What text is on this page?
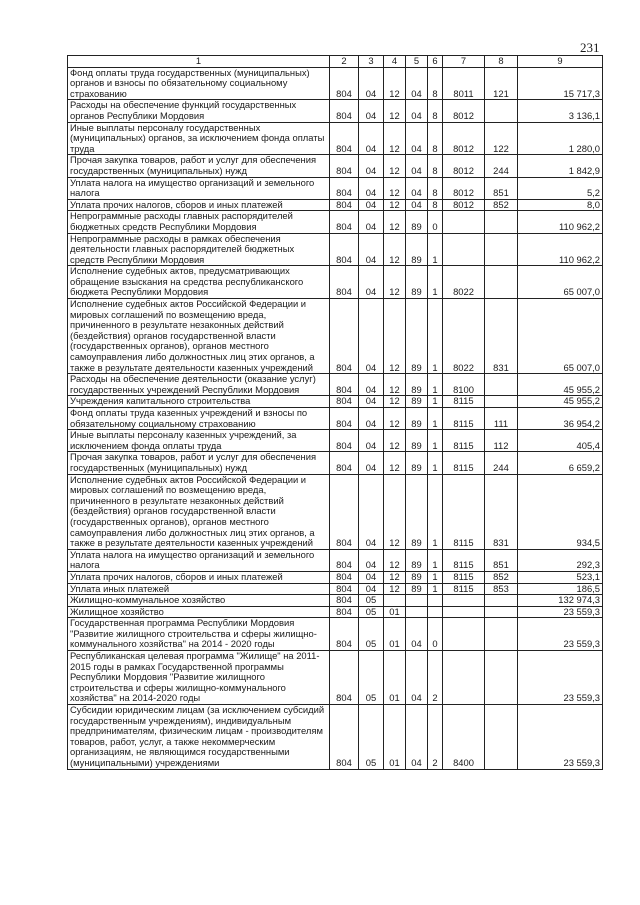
231
1	2	3	4	5	6	7	8	9
Фонд оплаты труда государственных (муниципальных) органов и взносы по обязательному социальному страхованию	804	04	12	04	8	8011	121	15 717,3
Расходы на обеспечение функций государственных органов Республики Мордовия	804	04	12	04	8	8012		3 136,1
Иные выплаты персоналу государственных (муниципальных) органов, за исключением фонда оплаты труда	804	04	12	04	8	8012	122	1 280,0
Прочая закупка товаров, работ и услуг для обеспечения государственных (муниципальных) нужд	804	04	12	04	8	8012	244	1 842,9
Уплата налога на имущество организаций и земельного налога	804	04	12	04	8	8012	851	5,2
Уплата прочих налогов, сборов и иных платежей	804	04	12	04	8	8012	852	8,0
Непрограммные расходы главных распорядителей бюджетных средств Республики Мордовия	804	04	12	89	0			110 962,2
Непрограммные расходы в рамках обеспечения деятельности главных распорядителей бюджетных средств Республики Мордовия	804	04	12	89	1			110 962,2
Исполнение судебных актов, предусматривающих обращение взыскания на средства республиканского бюджета Республики Мордовия	804	04	12	89	1	8022		65 007,0
Исполнение судебных актов Российской Федерации и мировых соглашений по возмещению вреда, причиненного в результате незаконных действий (бездействия) органов государственной власти (государственных органов), органов местного самоуправления либо должностных лиц этих органов, а также в результате деятельности казенных учреждений	804	04	12	89	1	8022	831	65 007,0
Расходы на обеспечение деятельности (оказание услуг) государственных учреждений Республики Мордовия	804	04	12	89	1	8100		45 955,2
Учреждения капитального строительства	804	04	12	89	1	8115		45 955,2
Фонд оплаты труда казенных учреждений и взносы по обязательному социальному страхованию	804	04	12	89	1	8115	111	36 954,2
Иные выплаты персоналу казенных учреждений, за исключением фонда оплаты труда	804	04	12	89	1	8115	112	405,4
Прочая закупка товаров, работ и услуг для обеспечения государственных (муниципальных) нужд	804	04	12	89	1	8115	244	6 659,2
Исполнение судебных актов Российской Федерации и мировых соглашений по возмещению вреда, причиненного в результате незаконных действий (бездействия) органов государственной власти (государственных органов), органов местного самоуправления либо должностных лиц этих органов, а также в результате деятельности казенных учреждений	804	04	12	89	1	8115	831	934,5
Уплата налога на имущество организаций и земельного налога	804	04	12	89	1	8115	851	292,3
Уплата прочих налогов, сборов и иных платежей	804	04	12	89	1	8115	852	523,1
Уплата иных платежей	804	04	12	89	1	8115	853	186,5
Жилищно-коммунальное хозяйство	804	05						132 974,3
Жилищное хозяйство	804	05	01					23 559,3
Государственная программа Республики Мордовия "Развитие жилищного строительства и сферы жилищно-коммунального хозяйства" на 2014 - 2020 годы	804	05	01	04	0			23 559,3
Республиканская целевая программа "Жилище" на 2011-2015 годы в рамках Государственной программы Республики Мордовия "Развитие жилищного строительства и сферы жилищно-коммунального хозяйства" на 2014-2020 годы	804	05	01	04	2			23 559,3
Субсидии юридическим лицам (за исключением субсидий государственным учреждениям), индивидуальным предпринимателям, физическим лицам - производителям товаров, работ, услуг, а также некоммерческим организациям, не являющимся государственными (муниципальными) учреждениями	804	05	01	04	2	8400		23 559,3
